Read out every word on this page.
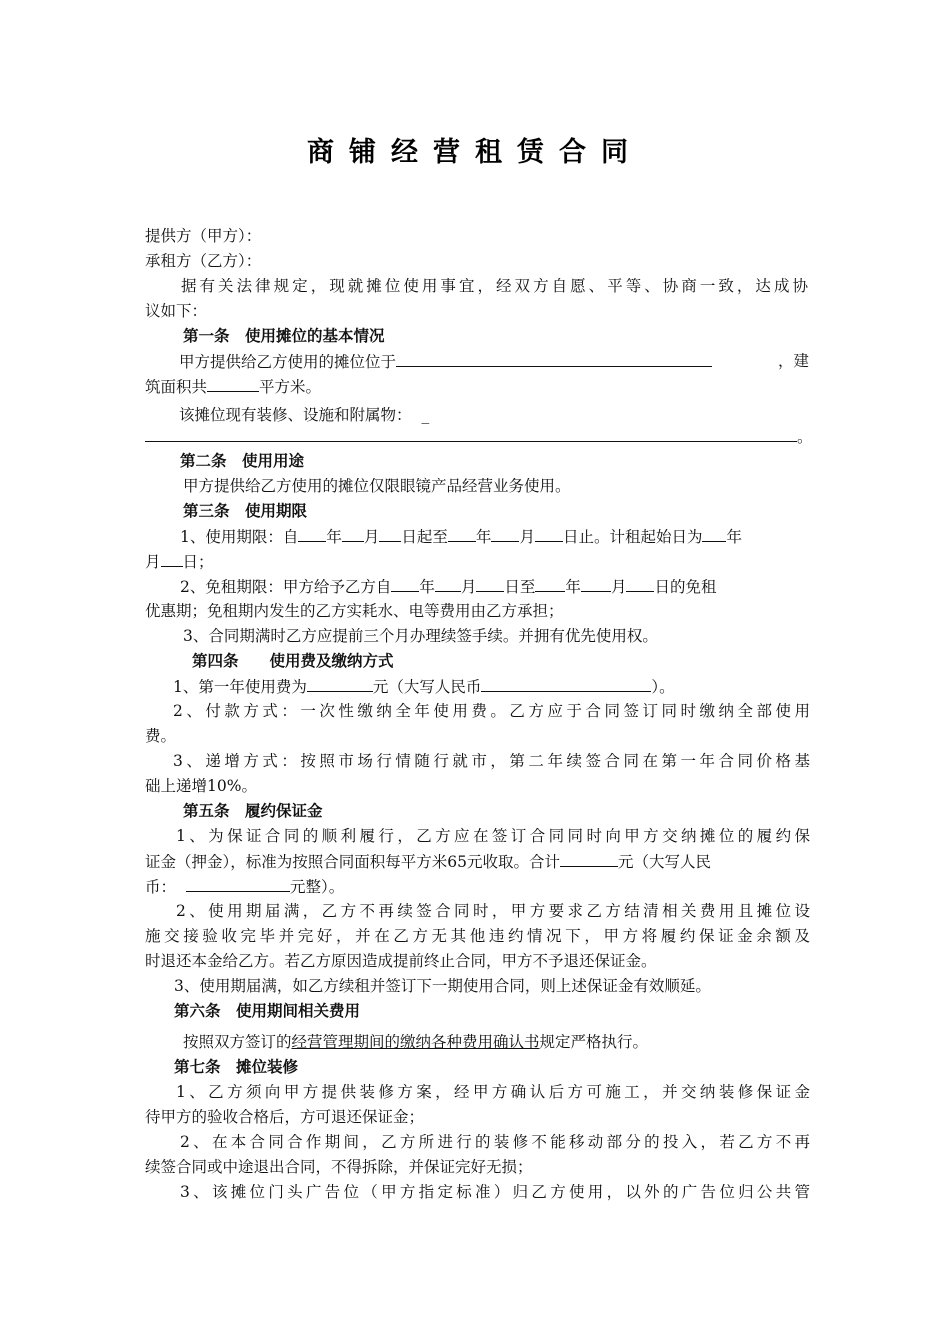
商铺经营租赁合同
提供方（甲方）：
承租方（乙方）：
据有关法律规定，现就摊位使用事宜，经双方自愿、平等、协商一致，达成协
议如下：
第一条　使用摊位的基本情况
甲方提供给乙方使用的摊位位于	，建
筑面积共	平方米。
该摊位现有装修、设施和附属物： _
。
第二条　使用用途
甲方提供给乙方使用的摊位仅限眼镜产品经营业务使用。
第三条　使用期限
1、使用期限：自 年 月 日起至 年 月 日止。计租起始日为 年
月 日；
2、免租期限：甲方给予乙方自 年 月 日至 年 月 日的免租
优惠期；免租期内发生的乙方实耗水、电等费用由乙方承担；
3、合同期满时乙方应提前三个月办理续签手续。并拥有优先使用权。
第四条　　使用费及缴纳方式
1、第一年使用费为	元（大写人民币	）。
2、付款方式：一次性缴纳全年使用费。乙方应于合同签订同时缴纳全部使用
费。
3、递增方式：按照市场行情随行就市，第二年续签合同在第一年合同价格基
础上递增10%。
第五条　履约保证金
1、为保证合同的顺利履行，乙方应在签订合同同时向甲方交纳摊位的履约保
证金（押金），标准为按照合同面积每平方米65元收取。合计	元（大写人民
币：	元整）。
2、使用期届满，乙方不再续签合同时，甲方要求乙方结清相关费用且摊位设
施交接验收完毕并完好，并在乙方无其他违约情况下，甲方将履约保证金余额及
时退还本金给乙方。若乙方原因造成提前终止合同，甲方不予退还保证金。
3、使用期届满，如乙方续租并签订下一期使用合同，则上述保证金有效顺延。
第六条　使用期间相关费用
按照双方签订的经营管理期间的缴纳各种费用确认书规定严格执行。
第七条　摊位装修
1、乙方须向甲方提供装修方案，经甲方确认后方可施工，并交纳装修保证金
待甲方的验收合格后，方可退还保证金；
2、在本合同合作期间，乙方所进行的装修不能移动部分的投入，若乙方不再
续签合同或中途退出合同，不得拆除，并保证完好无损；
3、该摊位门头广告位（甲方指定标准）归乙方使用，以外的广告位归公共管
